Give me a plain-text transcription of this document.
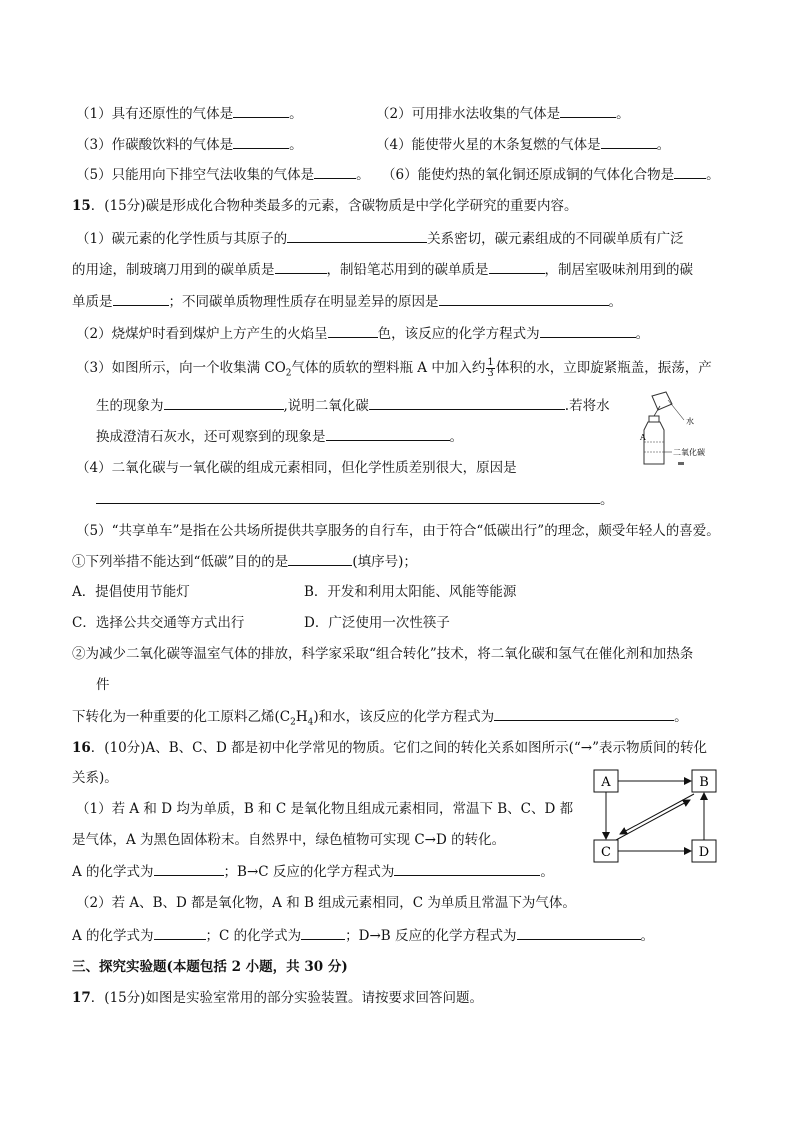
（1）具有还原性的气体是	。	（2）可用排水法收集的气体是	。
（3）作碳酸饮料的气体是	。	（4）能使带火星的木条复燃的气体是	。
（5）只能用向下排空气法收集的气体是	。 （6）能使灼热的氧化铜还原成铜的气体化合物是 。
15．(15分)碳是形成化合物种类最多的元素，含碳物质是中学化学研究的重要内容。
（1）碳元素的化学性质与其原子的	关系密切，碳元素组成的不同碳单质有广泛
的用途，制玻璃刀用到的碳单质是	，制铅笔芯用到的碳单质是	，制居室吸味剂用到的碳
单质是	；不同碳单质物理性质存在明显差异的原因是	。
（2）烧煤炉时看到煤炉上方产生的火焰呈	色，该反应的化学方程式为	。
（3）如图所示，向一个收集满 $CO_2$气体的质软的塑料瓶 A 中加入约 $\frac{1}{3}$ 体积的水，立即旋紧瓶盖，振荡，产
生的现象为	,说明二氧化碳	.若将水
换成澄清石灰水，还可观察到的现象是	。
水
A
二氧化碳
（4）二氧化碳与一氧化碳的组成元素相同，但化学性质差别很大，原因是
。
（5）“共享单车”是指在公共场所提供共享服务的自行车，由于符合“低碳出行”的理念，颇受年轻人的喜爱。
①下列举措不能达到“低碳”目的的是	(填序号)；
A．提倡使用节能灯	B．开发和利用太阳能、风能等能源
C．选择公共交通等方式出行	D．广泛使用一次性筷子
②为减少二氧化碳等温室气体的排放，科学家采取“组合转化”技术，将二氧化碳和氢气在催化剂和加热条
件
下转化为一种重要的化工原料乙烯$(C_2H_4)$和水，该反应的化学方程式为	。
16．(10分)A、B、C、D 都是初中化学常见的物质。它们之间的转化关系如图所示(“→”表示物质间的转化
关系)。
（1）若 A 和 D 均为单质，B 和 C 是氧化物且组成元素相同，常温下 B、C、D 都
是气体，A 为黑色固体粉末。自然界中，绿色植物可实现 C→D 的转化。
A 的化学式为	；B→C 反应的化学方程式为	。
（2）若 A、B、D 都是氧化物，A 和 B 组成元素相同，C 为单质且常温下为气体。
A 的化学式为	；C 的化学式为	；D→B 反应的化学方程式为	。
A	B
C	D
三、探究实验题(本题包括 2 小题，共 30 分)
17．(15分)如图是实验室常用的部分实验装置。请按要求回答问题。
